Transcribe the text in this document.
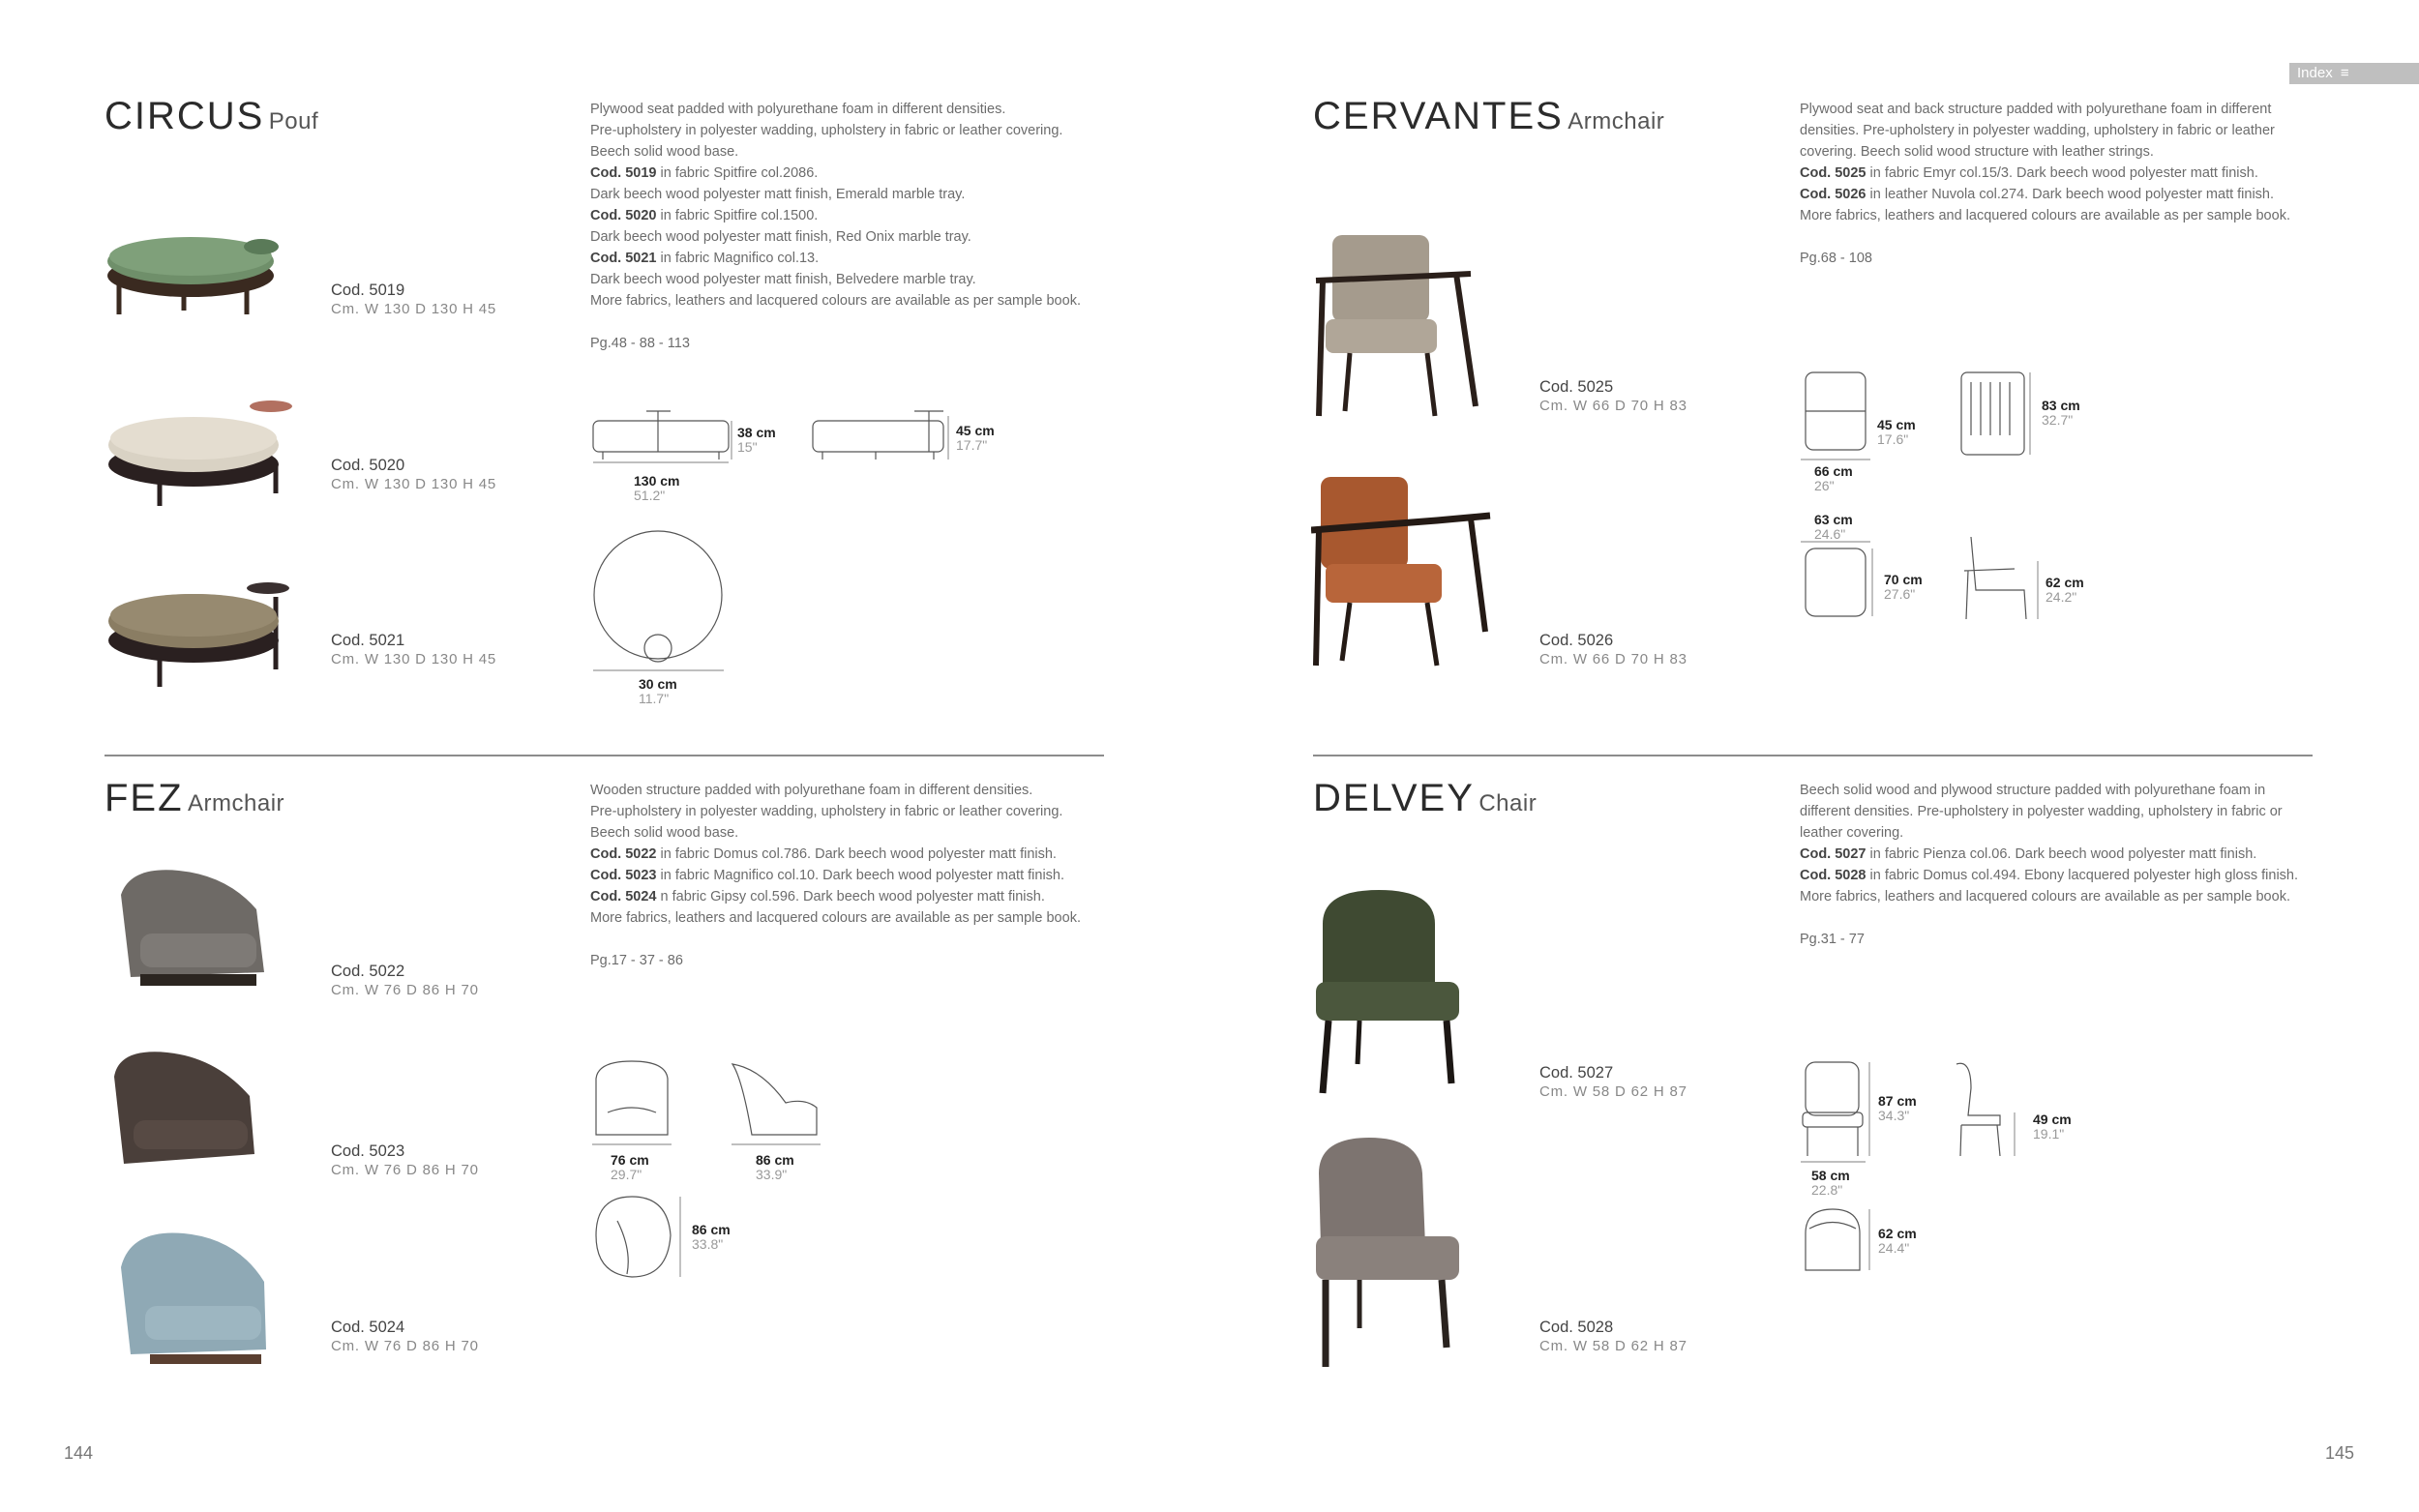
Index ≡
CIRCUS Pouf	Plywood seat padded with polyurethane foam in different densities.

Pre-upholstery in polyester wadding, upholstery in fabric or leather covering.

Beech solid wood base.

Cod. 5019 in fabric Spitfire col.2086.

Dark beech wood polyester matt finish, Emerald marble tray.

Cod. 5020 in fabric Spitfire col.1500.

Dark beech wood polyester matt finish, Red Onix marble tray.

Cod. 5021 in fabric Magnifico col.13.

Dark beech wood polyester matt finish, Belvedere marble tray.

More fabrics, leathers and lacquered colours are available as per sample book.

Pg.48 - 88 - 113

Cod. 5019
Cm. W 130 D 130 H 45
Cod. 5020
Cm. W 130 D 130 H 45
Cod. 5021
Cm. W 130 D 130 H 45
38 cm
15"
130 cm
51.2"
45 cm
17.7"
30 cm
11.7"
CERVANTES Armchair	Plywood seat and back structure padded with polyurethane foam in different

densities. Pre-upholstery in polyester wadding, upholstery in fabric or leather

covering. Beech solid wood structure with leather strings.

Cod. 5025 in fabric Emyr col.15/3. Dark beech wood polyester matt finish.

Cod. 5026 in leather Nuvola col.274. Dark beech wood polyester matt finish.

More fabrics, leathers and lacquered colours are available as per sample book.

Pg.68 - 108

Cod. 5025
Cm. W 66 D 70 H 83
Cod. 5026
Cm. W 66 D 70 H 83
45 cm
17.6"
66 cm
26"
83 cm
32.7"
63 cm
24.6"
70 cm
27.6"
62 cm
24.2"
FEZ Armchair	Wooden structure padded with polyurethane foam in different densities.

Pre-upholstery in polyester wadding, upholstery in fabric or leather covering.

Beech solid wood base.

Cod. 5022 in fabric Domus col.786. Dark beech wood polyester matt finish.

Cod. 5023 in fabric Magnifico col.10. Dark beech wood polyester matt finish.

Cod. 5024 n fabric Gipsy col.596. Dark beech wood polyester matt finish.

More fabrics, leathers and lacquered colours are available as per sample book.

Pg.17 - 37 - 86

Cod. 5022
Cm. W 76 D 86 H 70
Cod. 5023
Cm. W 76 D 86 H 70
Cod. 5024
Cm. W 76 D 86 H 70
76 cm
29.7"
86 cm
33.9"
86 cm
33.8"
DELVEY Chair	Beech solid wood and plywood structure padded with polyurethane foam in

different densities. Pre-upholstery in polyester wadding, upholstery in fabric or

leather covering.

Cod. 5027 in fabric Pienza col.06. Dark beech wood polyester matt finish.

Cod. 5028 in fabric Domus col.494. Ebony lacquered polyester high gloss finish.

More fabrics, leathers and lacquered colours are available as per sample book.

Pg.31 - 77

Cod. 5027
Cm. W 58 D 62 H 87
Cod. 5028
Cm. W 58 D 62 H 87
87 cm
34.3"
58 cm
22.8"
49 cm
19.1"
62 cm
24.4"
144	145
